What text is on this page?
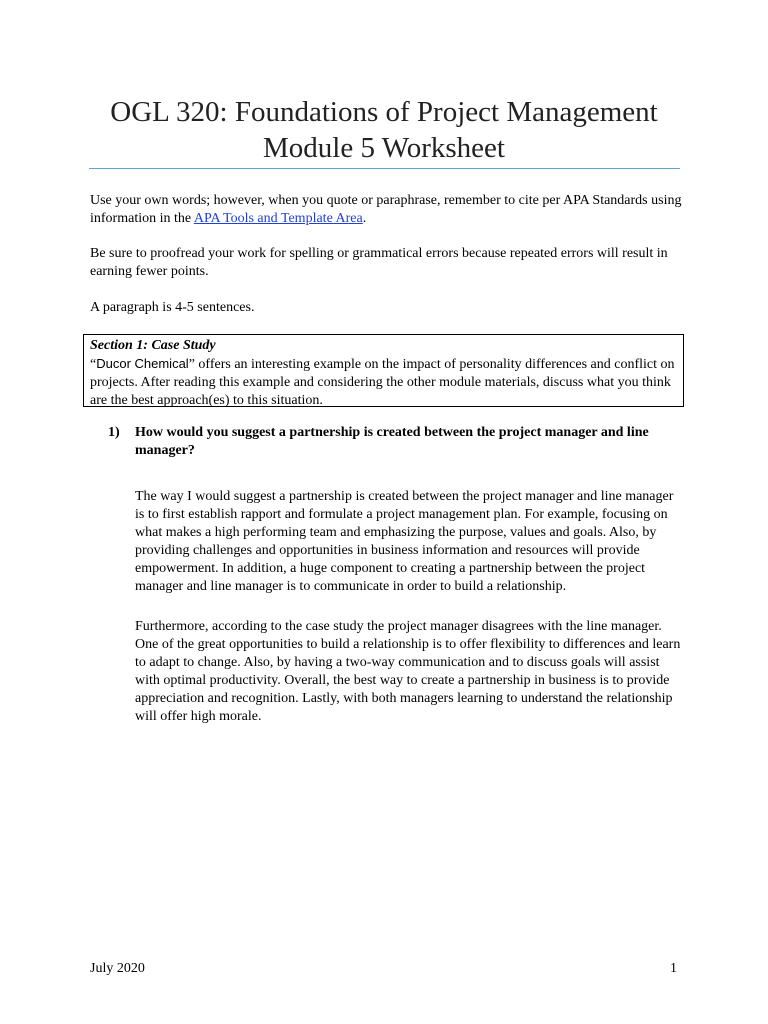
OGL 320: Foundations of Project Management
Module 5 Worksheet

Use your own words; however, when you quote or paraphrase, remember to cite per APA Standards using information in the APA Tools and Template Area.

Be sure to proofread your work for spelling or grammatical errors because repeated errors will result in earning fewer points.

A paragraph is 4-5 sentences.

Section 1: Case Study
“Ducor Chemical” offers an interesting example on the impact of personality differences and conflict on projects. After reading this example and considering the other module materials, discuss what you think are the best approach(es) to this situation.
1) How would you suggest a partnership is created between the project manager and line manager?

The way I would suggest a partnership is created between the project manager and line manager is to first establish rapport and formulate a project management plan. For example, focusing on what makes a high performing team and emphasizing the purpose, values and goals. Also, by providing challenges and opportunities in business information and resources will provide empowerment. In addition, a huge component to creating a partnership between the project manager and line manager is to communicate in order to build a relationship.

Furthermore, according to the case study the project manager disagrees with the line manager. One of the great opportunities to build a relationship is to offer flexibility to differences and learn to adapt to change. Also, by having a two-way communication and to discuss goals will assist with optimal productivity. Overall, the best way to create a partnership in business is to provide appreciation and recognition. Lastly, with both managers learning to understand the relationship will offer high morale.

July 2020	1
